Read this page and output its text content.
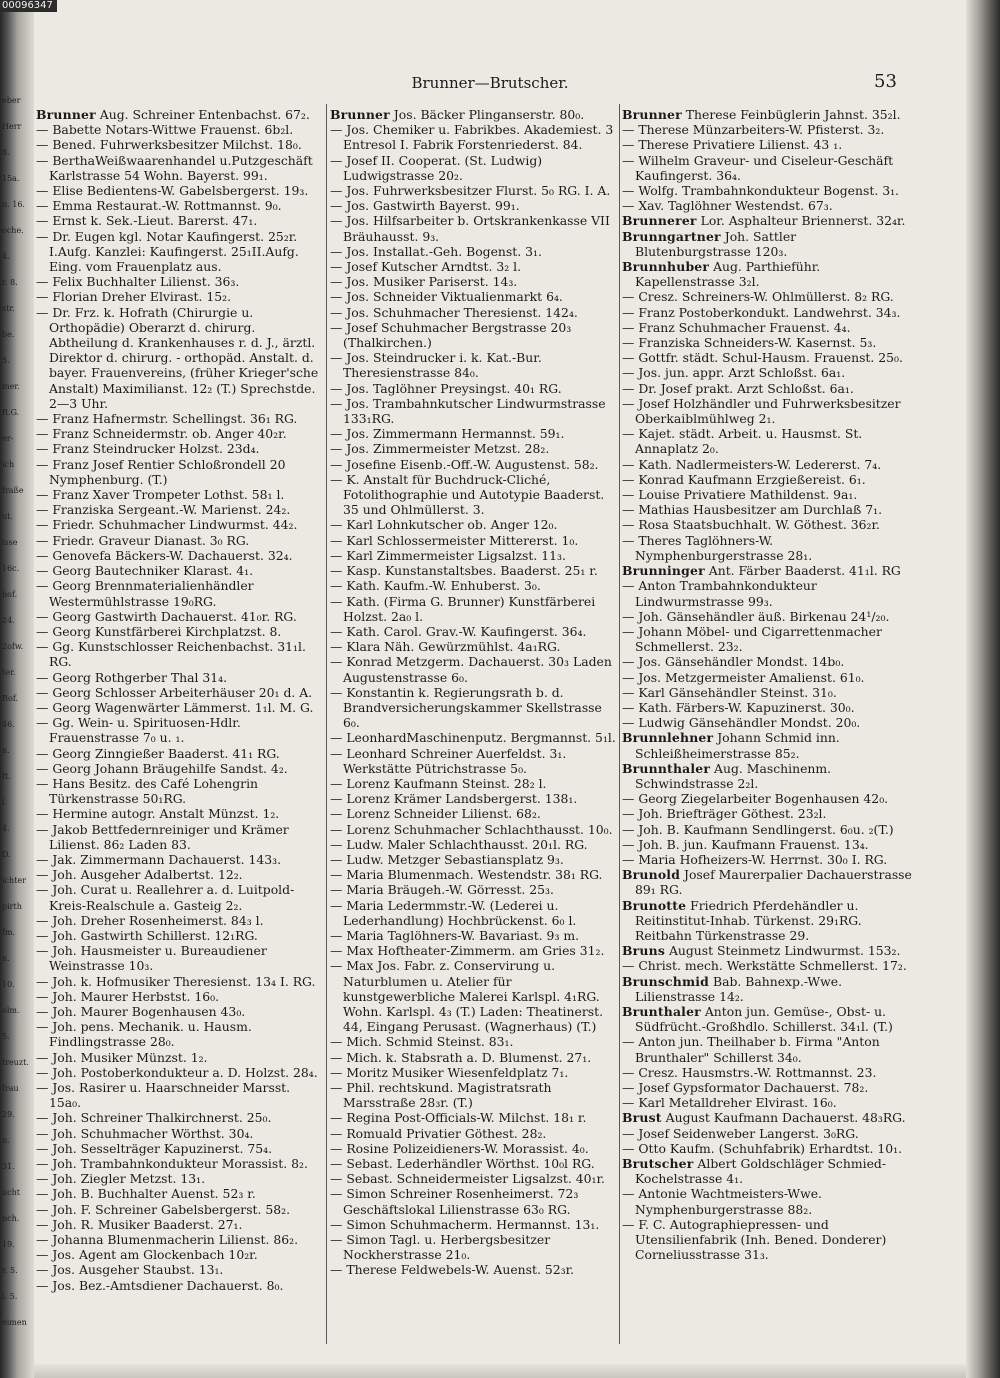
eber
Herr
8.
15a.
n. 16.
oche.
4.
r. 8.
str.
be.
5.
mer.
R.G.
er-
ich
fraße
ut.
isse
16c.
hof.
24.
2ofw.
ter.
Rof.
46.
n.
ft.
l.
4.
D.
ichter
pirth
fm.
n.
10.
olm.
5.
treuzt.
frau
29.
n.
31.
ucht
nch.
19.
r. 5.
i. 5.
eimen
00096347
Brunner—Brutscher.	53

Brunner Aug. Schreiner Entenbachst. 67₂.

— Babette Notars-Wittwe Frauenst. 6b₂l.

— Bened. Fuhrwerksbesitzer Milchst. 18₀.

— BerthaWeißwaarenhandel u.Putzgeschäft Karlstrasse 54 Wohn. Bayerst. 99₁.

— Elise Bedientens-W. Gabelsbergerst. 19₃.

— Emma Restaurat.-W. Rottmannst. 9₀.

— Ernst k. Sek.-Lieut. Barerst. 47₁.

— Dr. Eugen kgl. Notar Kaufingerst. 25₂r. I.Aufg. Kanzlei: Kaufingerst. 25₁II.Aufg. Eing. vom Frauenplatz aus.

— Felix Buchhalter Lilienst. 36₃.

— Florian Dreher Elvirast. 15₂.

— Dr. Frz. k. Hofrath (Chirurgie u. Orthopädie) Oberarzt d. chirurg. Abtheilung d. Krankenhauses r. d. J., ärztl. Direktor d. chirurg. - orthopäd. Anstalt. d. bayer. Frauenvereins, (früher Krieger'sche Anstalt) Maximilianst. 12₂ (T.) Sprechstde. 2—3 Uhr.

— Franz Hafnermstr. Schellingst. 36₁ RG.

— Franz Schneidermstr. ob. Anger 40₂r.

— Franz Steindrucker Holzst. 23d₄.

— Franz Josef Rentier Schloßrondell 20 Nymphenburg. (T.)

— Franz Xaver Trompeter Lothst. 58₁ l.

— Franziska Sergeant.-W. Marienst. 24₂.

— Friedr. Schuhmacher Lindwurmst. 44₂.

— Friedr. Graveur Dianast. 3₀ RG.

— Genovefa Bäckers-W. Dachauerst. 32₄.

— Georg Bautechniker Klarast. 4₁.

— Georg Brennmaterialienhändler Westermühlstrasse 19₀RG.

— Georg Gastwirth Dachauerst. 41₀r. RG.

— Georg Kunstfärberei Kirchplatzst. 8.

— Gg. Kunstschlosser Reichenbachst. 31₁l. RG.

— Georg Rothgerber Thal 31₄.

— Georg Schlosser Arbeiterhäuser 20₁ d. A.

— Georg Wagenwärter Lämmerst. 1₁l. M. G.

— Gg. Wein- u. Spirituosen-Hdlr. Frauenstrasse 7₀ u. ₁.

— Georg Zinngießer Baaderst. 41₁ RG.

— Georg Johann Bräugehilfe Sandst. 4₂.

— Hans Besitz. des Café Lohengrin Türkenstrasse 50₁RG.

— Hermine autogr. Anstalt Münzst. 1₂.

— Jakob Bettfedernreiniger und Krämer Lilienst. 86₂ Laden 83.

— Jak. Zimmermann Dachauerst. 143₃.

— Joh. Ausgeher Adalbertst. 12₂.

— Joh. Curat u. Reallehrer a. d. Luitpold-Kreis-Realschule a. Gasteig 2₂.

— Joh. Dreher Rosenheimerst. 84₃ l.

— Joh. Gastwirth Schillerst. 12₁RG.

— Joh. Hausmeister u. Bureaudiener Weinstrasse 10₃.

— Joh. k. Hofmusiker Theresienst. 13₄ I. RG.

— Joh. Maurer Herbstst. 16₀.

— Joh. Maurer Bogenhausen 43₀.

— Joh. pens. Mechanik. u. Hausm. Findlingstrasse 28₀.

— Joh. Musiker Münzst. 1₂.

— Joh. Postoberkondukteur a. D. Holzst. 28₄.

— Jos. Rasirer u. Haarschneider Marsst. 15a₀.

— Joh. Schreiner Thalkirchnerst. 25₀.

— Joh. Schuhmacher Wörthst. 30₄.

— Joh. Sesselträger Kapuzinerst. 75₄.

— Joh. Trambahnkondukteur Morassist. 8₂.

— Joh. Ziegler Metzst. 13₁.

— Joh. B. Buchhalter Auenst. 52₃ r.

— Joh. F. Schreiner Gabelsbergerst. 58₂.

— Joh. R. Musiker Baaderst. 27₁.

— Johanna Blumenmacherin Lilienst. 86₂.

— Jos. Agent am Glockenbach 10₂r.

— Jos. Ausgeher Staubst. 13₁.

— Jos. Bez.-Amtsdiener Dachauerst. 8₀.

Brunner Jos. Bäcker Plinganserstr. 80₀.

— Jos. Chemiker u. Fabrikbes. Akademiest. 3 Entresol I. Fabrik Forstenriederst. 84.

— Josef II. Cooperat. (St. Ludwig) Ludwigstrasse 20₂.

— Jos. Fuhrwerksbesitzer Flurst. 5₀ RG. I. A.

— Jos. Gastwirth Bayerst. 99₁.

— Jos. Hilfsarbeiter b. Ortskrankenkasse VII Bräuhausst. 9₃.

— Jos. Installat.-Geh. Bogenst. 3₁.

— Josef Kutscher Arndtst. 3₂ l.

— Jos. Musiker Pariserst. 14₃.

— Jos. Schneider Viktualienmarkt 6₄.

— Jos. Schuhmacher Theresienst. 142₄.

— Josef Schuhmacher Bergstrasse 20₃ (Thalkirchen.)

— Jos. Steindrucker i. k. Kat.-Bur. Theresienstrasse 84₀.

— Jos. Taglöhner Preysingst. 40₁ RG.

— Jos. Trambahnkutscher Lindwurmstrasse 133₁RG.

— Jos. Zimmermann Hermannst. 59₁.

— Jos. Zimmermeister Metzst. 28₂.

— Josefine Eisenb.-Off.-W. Augustenst. 58₂.

— K. Anstalt für Buchdruck-Cliché, Fotolithographie und Autotypie Baaderst. 35 und Ohlmüllerst. 3.

— Karl Lohnkutscher ob. Anger 12₀.

— Karl Schlossermeister Mittererst. 1₀.

— Karl Zimmermeister Ligsalzst. 11₃.

— Kasp. Kunstanstaltsbes. Baaderst. 25₁ r.

— Kath. Kaufm.-W. Enhuberst. 3₀.

— Kath. (Firma G. Brunner) Kunstfärberei Holzst. 2a₀ l.

— Kath. Carol. Grav.-W. Kaufingerst. 36₄.

— Klara Näh. Gewürzmühlst. 4a₁RG.

— Konrad Metzgerm. Dachauerst. 30₃ Laden Augustenstrasse 6₀.

— Konstantin k. Regierungsrath b. d. Brandversicherungskammer Skellstrasse 6₀.

— LeonhardMaschinenputz. Bergmannst. 5₁l.

— Leonhard Schreiner Auerfeldst. 3₁. Werkstätte Pütrichstrasse 5₀.

— Lorenz Kaufmann Steinst. 28₂ l.

— Lorenz Krämer Landsbergerst. 138₁.

— Lorenz Schneider Lilienst. 68₂.

— Lorenz Schuhmacher Schlachthausst. 10₀.

— Ludw. Maler Schlachthausst. 20₁l. RG.

— Ludw. Metzger Sebastiansplatz 9₃.

— Maria Blumenmach. Westendstr. 38₁ RG.

— Maria Bräugeh.-W. Görresst. 25₃.

— Maria Ledermmstr.-W. (Lederei u. Lederhandlung) Hochbrückenst. 6₀ l.

— Maria Taglöhners-W. Bavariast. 9₃ m.

— Max Hoftheater-Zimmerm. am Gries 31₂.

— Max Jos. Fabr. z. Conservirung u. Naturblumen u. Atelier für kunstgewerbliche Malerei Karlspl. 4₁RG. Wohn. Karlspl. 4₃ (T.) Laden: Theatinerst. 44, Eingang Perusast. (Wagnerhaus) (T.)

— Mich. Schmid Steinst. 83₁.

— Mich. k. Stabsrath a. D. Blumenst. 27₁.

— Moritz Musiker Wiesenfeldplatz 7₁.

— Phil. rechtskund. Magistratsrath Marsstraße 28₃r. (T.)

— Regina Post-Officials-W. Milchst. 18₁ r.

— Romuald Privatier Göthest. 28₂.

— Rosine Polizeidieners-W. Morassist. 4₀.

— Sebast. Lederhändler Wörthst. 10₀l RG.

— Sebast. Schneidermeister Ligsalzst. 40₁r.

— Simon Schreiner Rosenheimerst. 72₃ Geschäftslokal Lilienstrasse 63₀ RG.

— Simon Schuhmacherm. Hermannst. 13₁.

— Simon Tagl. u. Herbergsbesitzer Nockherstrasse 21₀.

— Therese Feldwebels-W. Auenst. 52₃r.

Brunner Therese Feinbüglerin Jahnst. 35₂l.

— Therese Münzarbeiters-W. Pfisterst. 3₂.

— Therese Privatiere Lilienst. 43 ₁.

— Wilhelm Graveur- und Ciseleur-Geschäft Kaufingerst. 36₄.

— Wolfg. Trambahnkondukteur Bogenst. 3₁.

— Xav. Taglöhner Westendst. 67₃.

Brunnerer Lor. Asphalteur Briennerst. 32₄r.

Brunngartner Joh. Sattler Blutenburgstrasse 120₃.

Brunnhuber Aug. Parthieführ. Kapellenstrasse 3₂l.

— Cresz. Schreiners-W. Ohlmüllerst. 8₂ RG.

— Franz Postoberkondukt. Landwehrst. 34₃.

— Franz Schuhmacher Frauenst. 4₄.

— Franziska Schneiders-W. Kasernst. 5₃.

— Gottfr. städt. Schul-Hausm. Frauenst. 25₀.

— Jos. jun. appr. Arzt Schloßst. 6a₁.

— Dr. Josef prakt. Arzt Schloßst. 6a₁.

— Josef Holzhändler und Fuhrwerksbesitzer Oberkaiblmühlweg 2₁.

— Kajet. städt. Arbeit. u. Hausmst. St. Annaplatz 2₀.

— Kath. Nadlermeisters-W. Ledererst. 7₄.

— Konrad Kaufmann Erzgießereist. 6₁.

— Louise Privatiere Mathildenst. 9a₁.

— Mathias Hausbesitzer am Durchlaß 7₁.

— Rosa Staatsbuchhalt. W. Göthest. 36₂r.

— Theres Taglöhners-W. Nymphenburgerstrasse 28₁.

Brunninger Ant. Färber Baaderst. 41₁l. RG

— Anton Trambahnkondukteur Lindwurmstrasse 99₃.

— Joh. Gänsehändler äuß. Birkenau 24¹/₂₀.

— Johann Möbel- und Cigarrettenmacher Schmellerst. 23₂.

— Jos. Gänsehändler Mondst. 14b₀.

— Jos. Metzgermeister Amalienst. 61₀.

— Karl Gänsehändler Steinst. 31₀.

— Kath. Färbers-W. Kapuzinerst. 30₀.

— Ludwig Gänsehändler Mondst. 20₀.

Brunnlehner Johann Schmid inn. Schleißheimerstrasse 85₂.

Brunnthaler Aug. Maschinenm. Schwindstrasse 2₂l.

— Georg Ziegelarbeiter Bogenhausen 42₀.

— Joh. Briefträger Göthest. 23₂l.

— Joh. B. Kaufmann Sendlingerst. 6₀u. ₂(T.)

— Joh. B. jun. Kaufmann Frauenst. 13₄.

— Maria Hofheizers-W. Herrnst. 30₀ I. RG.

Brunold Josef Maurerpalier Dachauerstrasse 89₁ RG.

Brunotte Friedrich Pferdehändler u. Reitinstitut-Inhab. Türkenst. 29₁RG. Reitbahn Türkenstrasse 29.

Bruns August Steinmetz Lindwurmst. 153₂.

— Christ. mech. Werkstätte Schmellerst. 17₂.

Brunschmid Bab. Bahnexp.-Wwe. Lilienstrasse 14₂.

Brunthaler Anton jun. Gemüse-, Obst- u. Südfrücht.-Großhdlo. Schillerst. 34₁l. (T.)

— Anton jun. Theilhaber b. Firma "Anton Brunthaler" Schillerst 34₀.

— Cresz. Hausmstrs.-W. Rottmannst. 23.

— Josef Gypsformator Dachauerst. 78₂.

— Karl Metalldreher Elvirast. 16₀.

Brust August Kaufmann Dachauerst. 48₃RG.

— Josef Seidenweber Langerst. 3₀RG.

— Otto Kaufm. (Schuhfabrik) Erhardtst. 10₁.

Brutscher Albert Goldschläger Schmied-Kochelstrasse 4₁.

— Antonie Wachtmeisters-Wwe. Nymphenburgerstrasse 88₂.

— F. C. Autographiepressen- und Utensilienfabrik (Inh. Bened. Donderer) Corneliusstrasse 31₃.
